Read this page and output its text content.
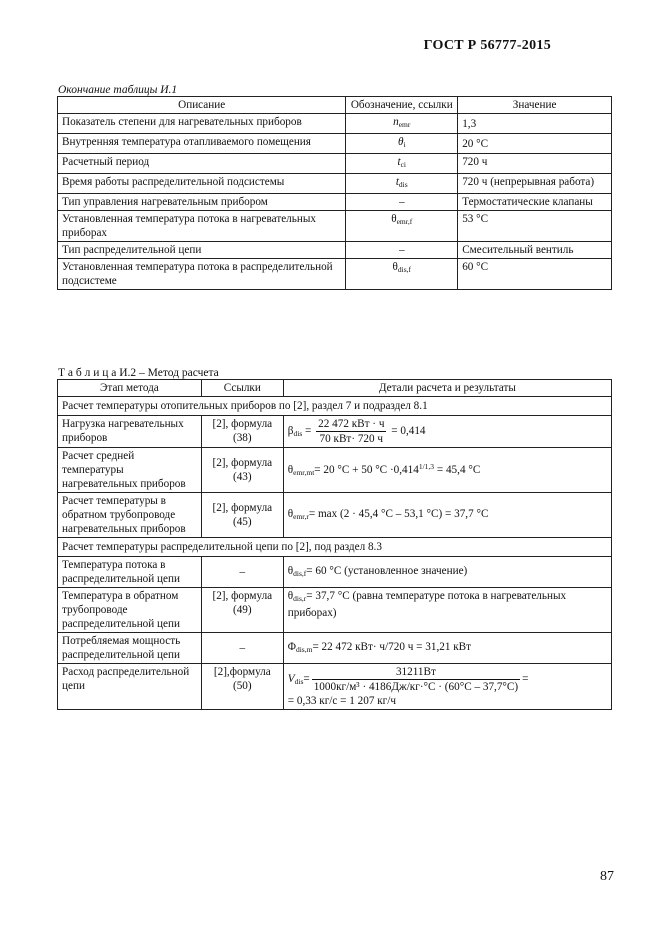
ГОСТ Р 56777-2015
Окончание таблицы И.1
Описание	Обозначение, ссылки	Значение
Показатель степени для нагревательных приборов	$n_{emr}$	1,3
Внутренняя температура отапливаемого помещения	$\theta_i$	20 °С
Расчетный период	$t_{ci}$	720 ч
Время работы распределительной подсистемы	$t_{dis}$	720 ч (непрерывная работа)
Тип управления нагревательным прибором	–	Термостатические клапаны
Установленная температура потока в нагревательных приборах	$\theta_{emr,f}$	53 °С
Тип распределительной цепи	–	Смесительный вентиль
Установленная температура потока в распределительной подсистеме	$\theta_{dis,f}$	60 °С
Т а б л и ц а И.2 – Метод расчета
Этап метода	Ссылки	Детали расчета и результаты
Расчет температуры отопительных приборов по [2], раздел 7 и подраздел 8.1		
Нагрузка нагревательных приборов	[2], формула (38)	$\beta_{dis} = \frac{\text{22 472 кВт · ч}}{\text{70 кВт· 720 ч}} = 0,414$
Расчет средней температуры нагревательных приборов	[2], формула (43)	$\theta_{emr,mt}= 20$ °С + 50 $^\circ С \cdot 0,414^{1/1,3} = 45,4$ °С
Расчет температуры в обратном трубопроводе нагревательных приборов	[2], формула (45)	$\theta_{emr,r}= \max (2 \cdot 45,4$ °С – 53,1 °С) = 37,7 °С
Расчет температуры распределительной цепи по [2], под раздел 8.3		
Температура потока в распределительной цепи	–	$\theta_{dis,f}= 60$ °С (установленное значение)
Температура в обратном трубопроводе распределительной цепи	[2], формула (49)	$\theta_{dis,r}= 37,7$ °С (равна температуре потока в нагревательных приборах)
Потребляемая мощность распределительной цепи	–	$\Phi_{dis,m}= 22$ 472 кВт· ч/720 ч = 31,21 кВт
Расход распределительной цепи	[2],формула (50)	$V_{dis}= \frac{31211Вт}{\text{1000кг/м³ · 4186Дж/кг·°С · (60°С – 37,7°С)}}$ =
= 0,33 кг/с = 1 207 кг/ч
87
